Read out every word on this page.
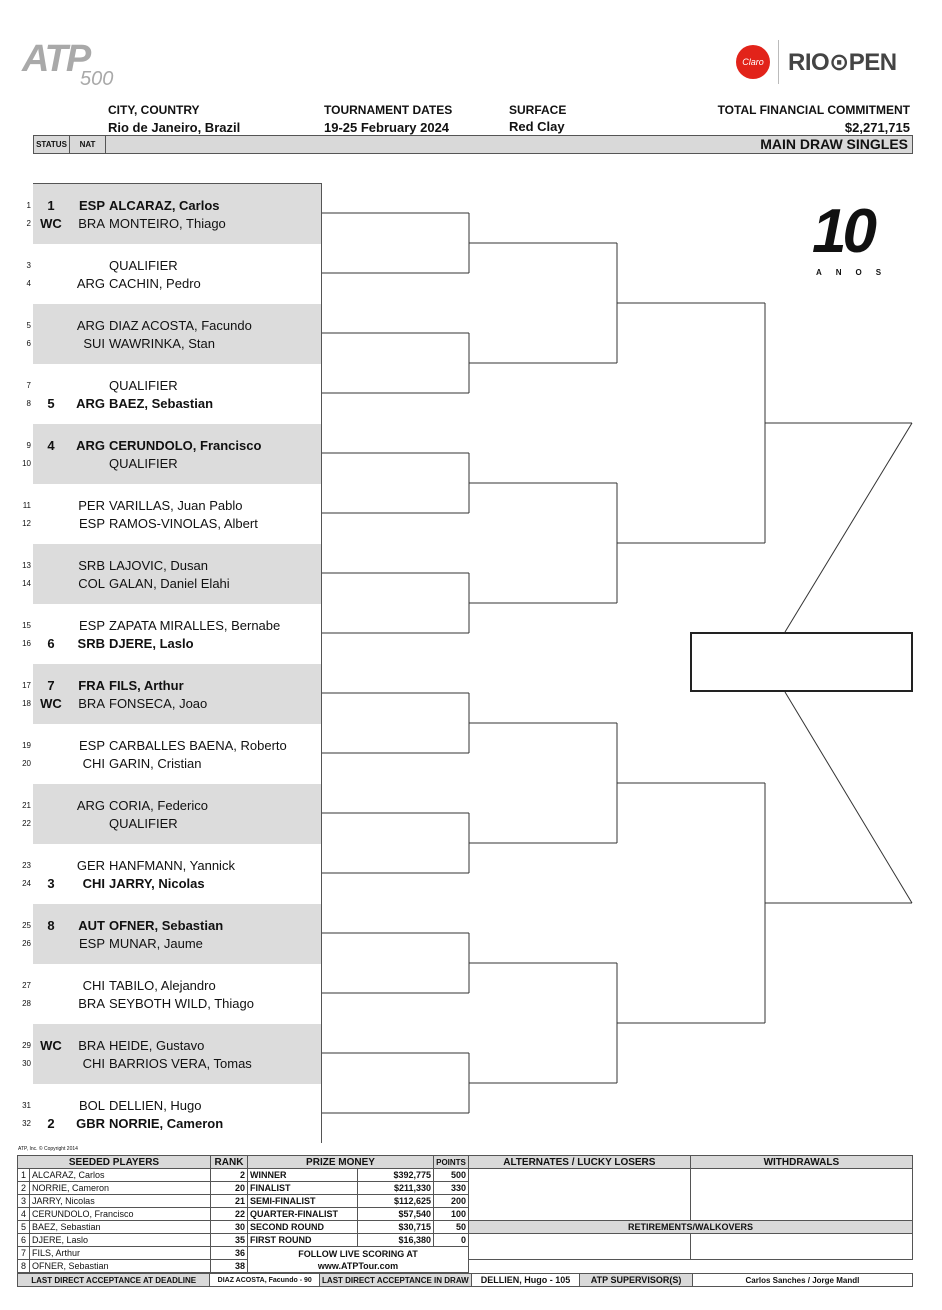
ATP
500
Claro RIO⊙PEN
CITY, COUNTRY
Rio de Janeiro, Brazil
TOURNAMENT DATES
19-25 February 2024
SURFACE
Red Clay
TOTAL FINANCIAL COMMITMENT
$2,271,715
STATUS	NAT	MAIN DRAW SINGLES
1	1	ESP ALCARAZ, Carlos
2 WC	BRA MONTEIRO, Thiago
3	QUALIFIER
4	ARG CACHIN, Pedro
5	ARG DIAZ ACOSTA, Facundo
6	SUI WAWRINKA, Stan
7	QUALIFIER
8	5	ARG BAEZ, Sebastian
9	4	ARG CERUNDOLO, Francisco
10	QUALIFIER
11	PER VARILLAS, Juan Pablo
12	ESP RAMOS-VINOLAS, Albert
13	SRB LAJOVIC, Dusan
14	COL GALAN, Daniel Elahi
15	ESP ZAPATA MIRALLES, Bernabe
16	6	SRB DJERE, Laslo
17	7	FRA FILS, Arthur
18 WC	BRA FONSECA, Joao
19	ESP CARBALLES BAENA, Roberto
20	CHI GARIN, Cristian
21	ARG CORIA, Federico
22	QUALIFIER
23	GER HANFMANN, Yannick
24	3	CHI JARRY, Nicolas
25	8	AUT OFNER, Sebastian
26	ESP MUNAR, Jaume
27	CHI TABILO, Alejandro
28	BRA SEYBOTH WILD, Thiago
29 WC	BRA HEIDE, Gustavo
30	CHI BARRIOS VERA, Tomas
31	BOL DELLIEN, Hugo
32	2	GBR NORRIE, Cameron
10
ANOS
ATP, Inc. © Copyright 2014
SEEDED PLAYERS		RANK
1	ALCARAZ, Carlos	2
2	NORRIE, Cameron	20
3	JARRY, Nicolas	21
4	CERUNDOLO, Francisco	22
5	BAEZ, Sebastian	30
6	DJERE, Laslo	35
7	FILS, Arthur	36
8	OFNER, Sebastian	38
PRIZE MONEY		POINTS
WINNER	$392,775	500
FINALIST	$211,330	330
SEMI-FINALIST	$112,625	200
QUARTER-FINALIST	$57,540	100
SECOND ROUND	$30,715	50
FIRST ROUND	$16,380	0

FOLLOW LIVE SCORING AT
www.ATPTour.com		
ALTERNATES / LUCKY LOSERS	WITHDRAWALS

RETIREMENTS/WALKOVERS	

LAST DIRECT ACCEPTANCE AT DEADLINE	DIAZ ACOSTA, Facundo - 90	LAST DIRECT ACCEPTANCE IN DRAW	DELLIEN, Hugo - 105	ATP SUPERVISOR(S)	Carlos Sanches / Jorge Mandl
